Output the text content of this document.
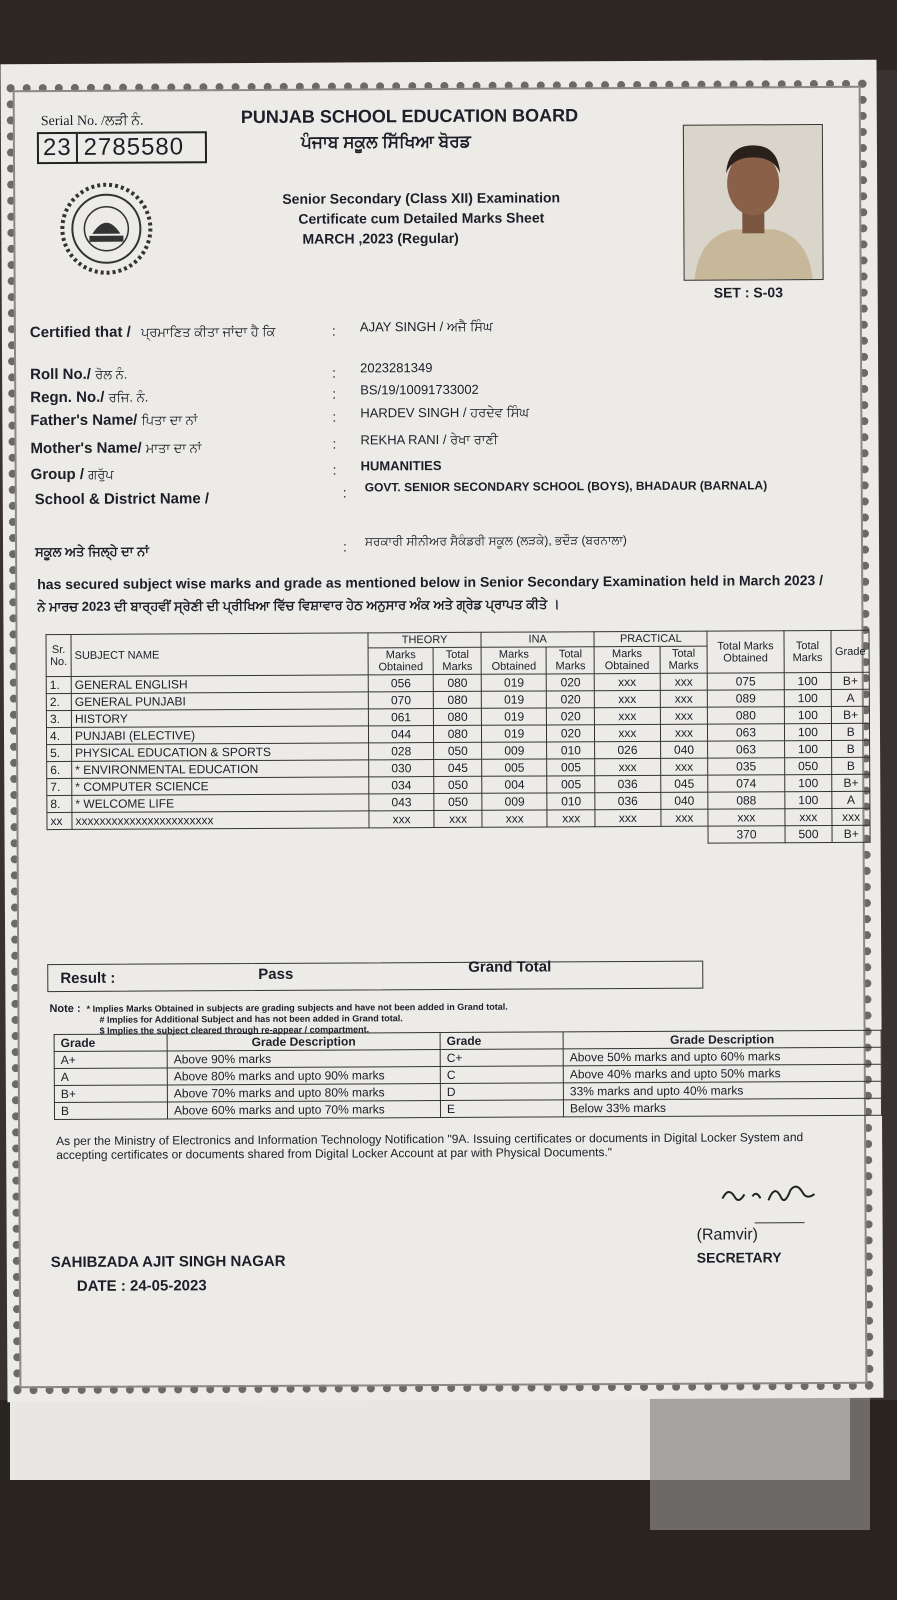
Serial No. /ਲੜੀ ਨੰ.
23 2785580
PUNJAB SCHOOL EDUCATION BOARD
ਪੰਜਾਬ ਸਕੂਲ ਸਿੱਖਿਆ ਬੋਰਡ
Senior Secondary (Class XII) Examination
Certificate cum Detailed Marks Sheet
MARCH ,2023 (Regular)
SET : S-03
Certified that / ਪ੍ਰਮਾਣਿਤ ਕੀਤਾ ਜਾਂਦਾ ਹੈ ਕਿ	: AJAY SINGH / ਅਜੈ ਸਿੰਘ
Roll No./ ਰੋਲ ਨੰ.	: 2023281349
Regn. No./ ਰਜਿ. ਨੰ.	: BS/19/10091733002
Father's Name/ ਪਿਤਾ ਦਾ ਨਾਂ	: HARDEV SINGH / ਹਰਦੇਵ ਸਿੰਘ
Mother's Name/ ਮਾਤਾ ਦਾ ਨਾਂ	: REKHA RANI / ਰੇਖਾ ਰਾਣੀ
Group / ਗਰੁੱਪ	: HUMANITIES
School & District Name /	: GOVT. SENIOR SECONDARY SCHOOL (BOYS), BHADAUR (BARNALA)
ਸਕੂਲ ਅਤੇ ਜਿਲ੍ਹੇ ਦਾ ਨਾਂ	: ਸਰਕਾਰੀ ਸੀਨੀਅਰ ਸੈਕੰਡਰੀ ਸਕੂਲ (ਲੜਕੇ), ਭਦੌੜ (ਬਰਨਾਲਾ)
has secured subject wise marks and grade as mentioned below in Senior Secondary Examination held in March 2023 /
ਨੇ ਮਾਰਚ 2023 ਦੀ ਬਾਰ੍ਹਵੀਂ ਸ੍ਰੇਣੀ ਦੀ ਪ੍ਰੀਖਿਆ ਵਿੱਚ ਵਿਸ਼ਾਵਾਰ ਹੇਠ ਅਨੁਸਾਰ ਅੰਕ ਅਤੇ ਗ੍ਰੇਡ ਪ੍ਰਾਪਤ ਕੀਤੇ ।
Sr. No.	SUBJECT NAME	THEORY		INA		PRACTICAL		Total Marks Obtained	Total Marks	Grade
		Marks Obtained	Total Marks	Marks Obtained	Total Marks	Marks Obtained	Total Marks			
1.	GENERAL ENGLISH	056	080	019	020	xxx	xxx	075	100	B+
2.	GENERAL PUNJABI	070	080	019	020	xxx	xxx	089	100	A
3.	HISTORY	061	080	019	020	xxx	xxx	080	100	B+
4.	PUNJABI (ELECTIVE)	044	080	019	020	xxx	xxx	063	100	B
5.	PHYSICAL EDUCATION & SPORTS	028	050	009	010	026	040	063	100	B
6.	* ENVIRONMENTAL EDUCATION	030	045	005	005	xxx	xxx	035	050	B
7.	* COMPUTER SCIENCE	034	050	004	005	036	045	074	100	B+
8.	* WELCOME LIFE	043	050	009	010	036	040	088	100	A
xx	xxxxxxxxxxxxxxxxxxxxxxx	xxx	xxx	xxx	xxx	xxx	xxx	xxx	xxx	xxx
								370	500	B+
Result :	Pass	Grand Total
Note : * Implies Marks Obtained in subjects are grading subjects and have not been added in Grand total.
# Implies for Additional Subject and has not been added in Grand total.
$ Implies the subject cleared through re-appear / compartment.
Grade	Grade Description	Grade	Grade Description
A+	Above 90% marks	C+	Above 50% marks and upto 60% marks
A	Above 80% marks and upto 90% marks	C	Above 40% marks and upto 50% marks
B+	Above 70% marks and upto 80% marks	D	33% marks and upto 40% marks
B	Above 60% marks and upto 70% marks	E	Below 33% marks
As per the Ministry of Electronics and Information Technology Notification "9A. Issuing certificates or documents in Digital Locker System and accepting certificates or documents shared from Digital Locker Account at par with Physical Documents."
(Ramvir)
SECRETARY
SAHIBZADA AJIT SINGH NAGAR
DATE : 24-05-2023
